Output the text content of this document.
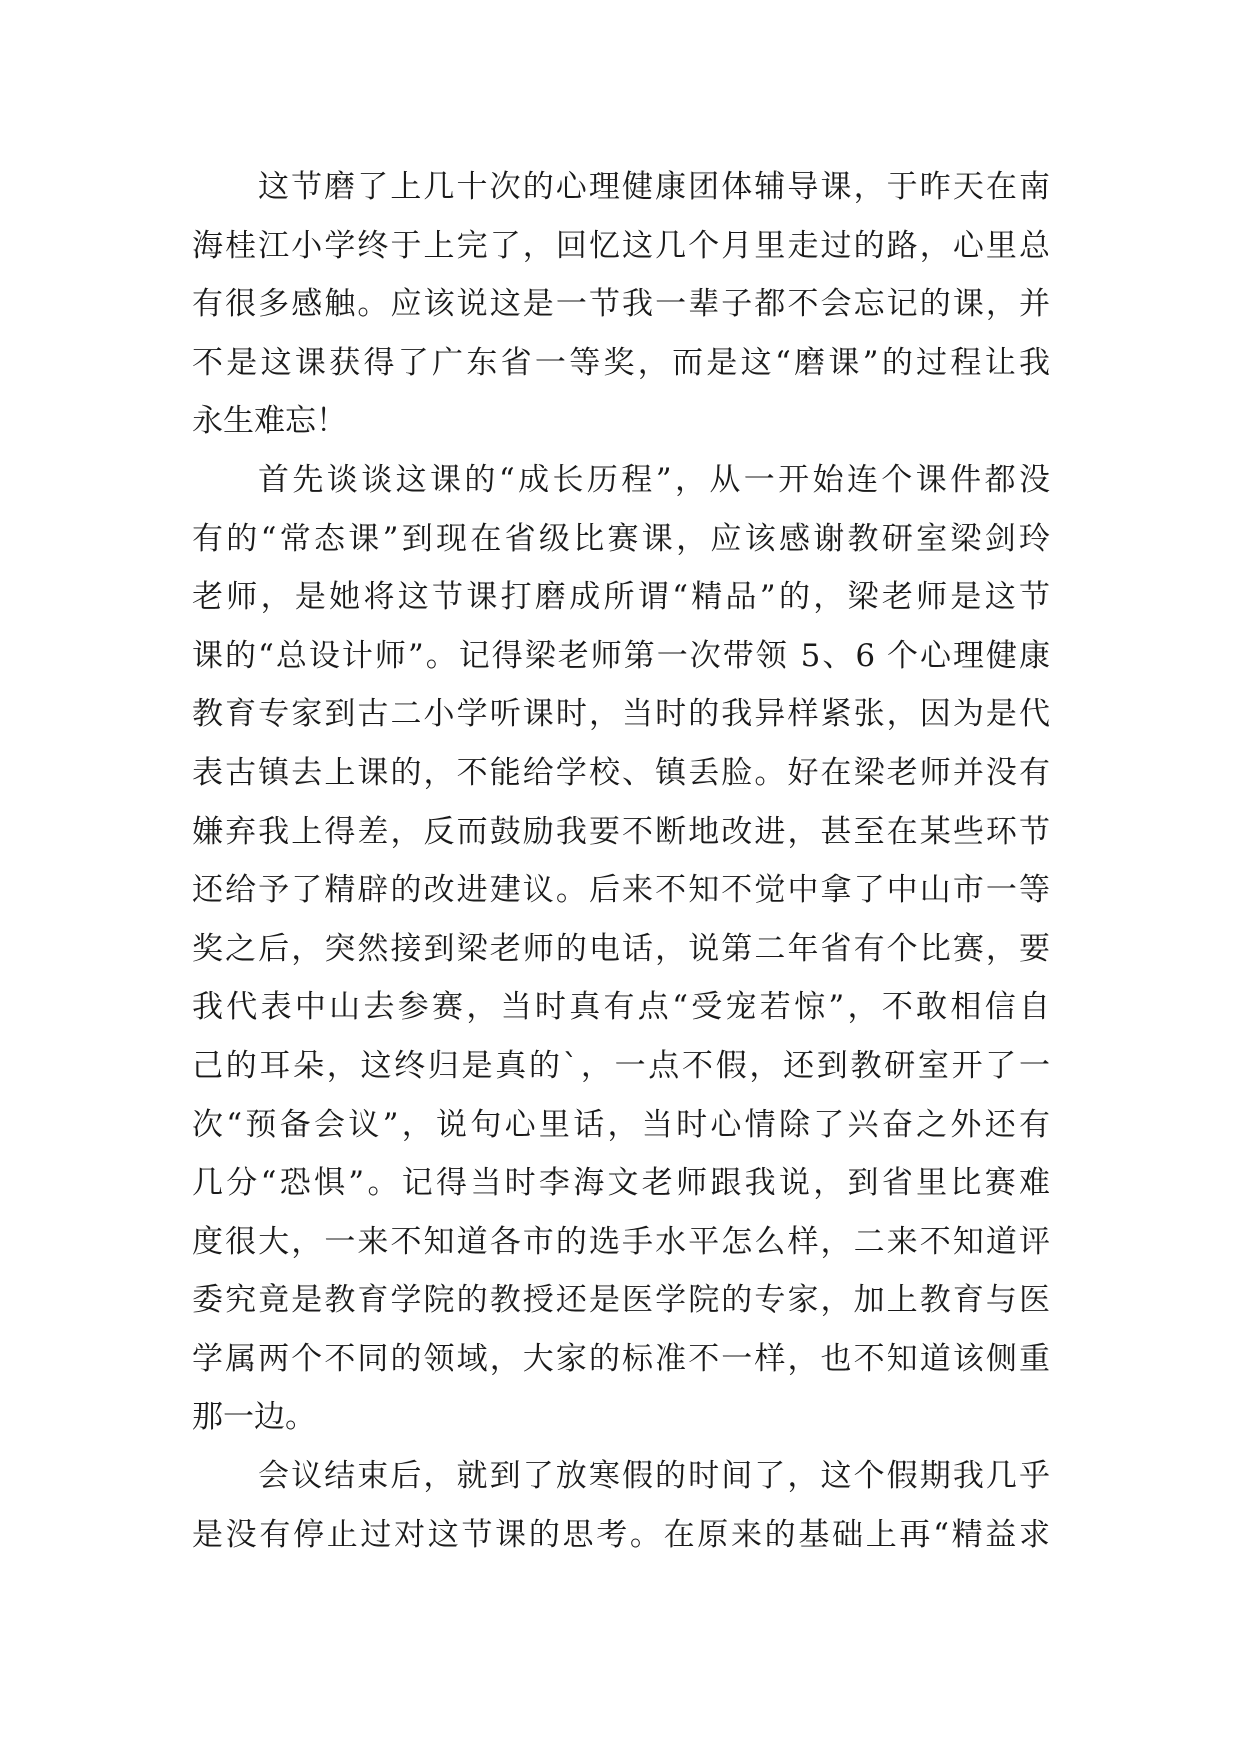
这节磨了上几十次的心理健康团体辅导课，于昨天在南
海桂江小学终于上完了，回忆这几个月里走过的路，心里总
有很多感触。应该说这是一节我一辈子都不会忘记的课，并
不是这课获得了广东省一等奖，而是这“磨课”的过程让我
永生难忘！
首先谈谈这课的“成长历程”，从一开始连个课件都没
有的“常态课”到现在省级比赛课，应该感谢教研室梁剑玲
老师，是她将这节课打磨成所谓“精品”的，梁老师是这节
课的“总设计师”。记得梁老师第一次带领 5、6 个心理健康
教育专家到古二小学听课时，当时的我异样紧张，因为是代
表古镇去上课的，不能给学校、镇丢脸。好在梁老师并没有
嫌弃我上得差，反而鼓励我要不断地改进，甚至在某些环节
还给予了精辟的改进建议。后来不知不觉中拿了中山市一等
奖之后，突然接到梁老师的电话，说第二年省有个比赛，要
我代表中山去参赛，当时真有点“受宠若惊”，不敢相信自
己的耳朵，这终归是真的`，一点不假，还到教研室开了一
次“预备会议”，说句心里话，当时心情除了兴奋之外还有
几分“恐惧”。记得当时李海文老师跟我说，到省里比赛难
度很大，一来不知道各市的选手水平怎么样，二来不知道评
委究竟是教育学院的教授还是医学院的专家，加上教育与医
学属两个不同的领域，大家的标准不一样，也不知道该侧重
那一边。
会议结束后，就到了放寒假的时间了，这个假期我几乎
是没有停止过对这节课的思考。在原来的基础上再“精益求
